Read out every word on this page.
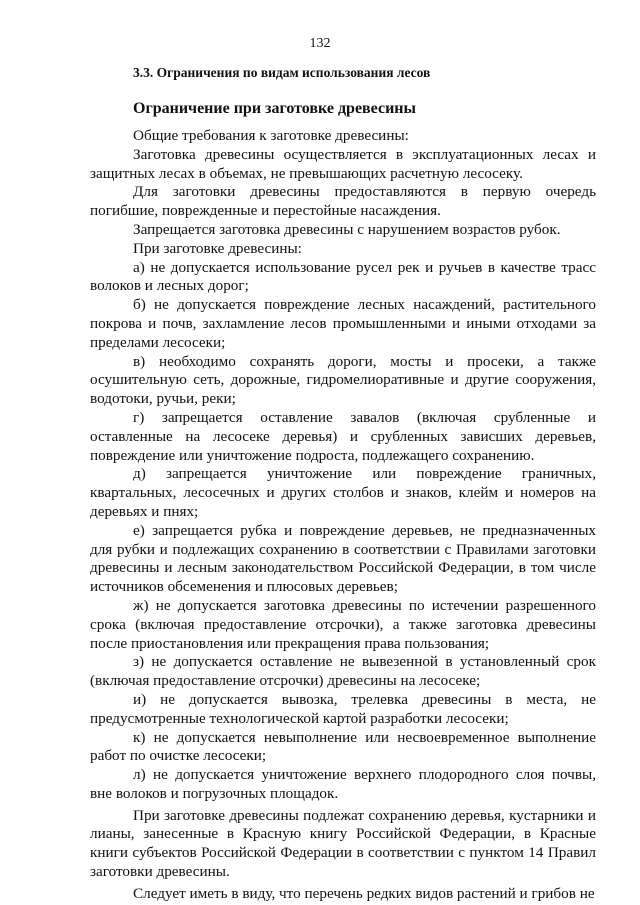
132
3.3. Ограничения по видам использования лесов
Ограничение при заготовке древесины

Общие требования к заготовке древесины:

Заготовка древесины осуществляется в эксплуатационных лесах и защитных лесах в объемах, не превышающих расчетную лесосеку.

Для заготовки древесины предоставляются в первую очередь погибшие, поврежденные и перестойные насаждения.

Запрещается заготовка древесины с нарушением возрастов рубок.

При заготовке древесины:

а) не допускается использование русел рек и ручьев в качестве трасс волоков и лесных дорог;

б) не допускается повреждение лесных насаждений, растительного покрова и почв, захламление лесов промышленными и иными отходами за пределами лесосеки;

в) необходимо сохранять дороги, мосты и просеки, а также осушительную сеть, дорожные, гидромелиоративные и другие сооружения, водотоки, ручьи, реки;

г) запрещается оставление завалов (включая срубленные и оставленные на лесосеке деревья) и срубленных зависших деревьев, повреждение или уничтожение подроста, подлежащего сохранению.

д) запрещается уничтожение или повреждение граничных, квартальных, лесосечных и других столбов и знаков, клейм и номеров на деревьях и пнях;

е) запрещается рубка и повреждение деревьев, не предназначенных для рубки и подлежащих сохранению в соответствии с Правилами заготовки древесины и лесным законодательством Российской Федерации, в том числе источников обсеменения и плюсовых деревьев;

ж) не допускается заготовка древесины по истечении разрешенного срока (включая предоставление отсрочки), а также заготовка древесины после приостановления или прекращения права пользования;

з) не допускается оставление не вывезенной в установленный срок (включая предоставление отсрочки) древесины на лесосеке;

и) не допускается вывозка, трелевка древесины в места, не предусмотренные технологической картой разработки лесосеки;

к) не допускается невыполнение или несвоевременное выполнение работ по очистке лесосеки;

л) не допускается уничтожение верхнего плодородного слоя почвы, вне волоков и погрузочных площадок.

При заготовке древесины подлежат сохранению деревья, кустарники и лианы, занесенные в Красную книгу Российской Федерации, в Красные книги субъектов Российской Федерации в соответствии с пунктом 14 Правил заготовки древесины.

Следует иметь в виду, что перечень редких видов растений и грибов не
